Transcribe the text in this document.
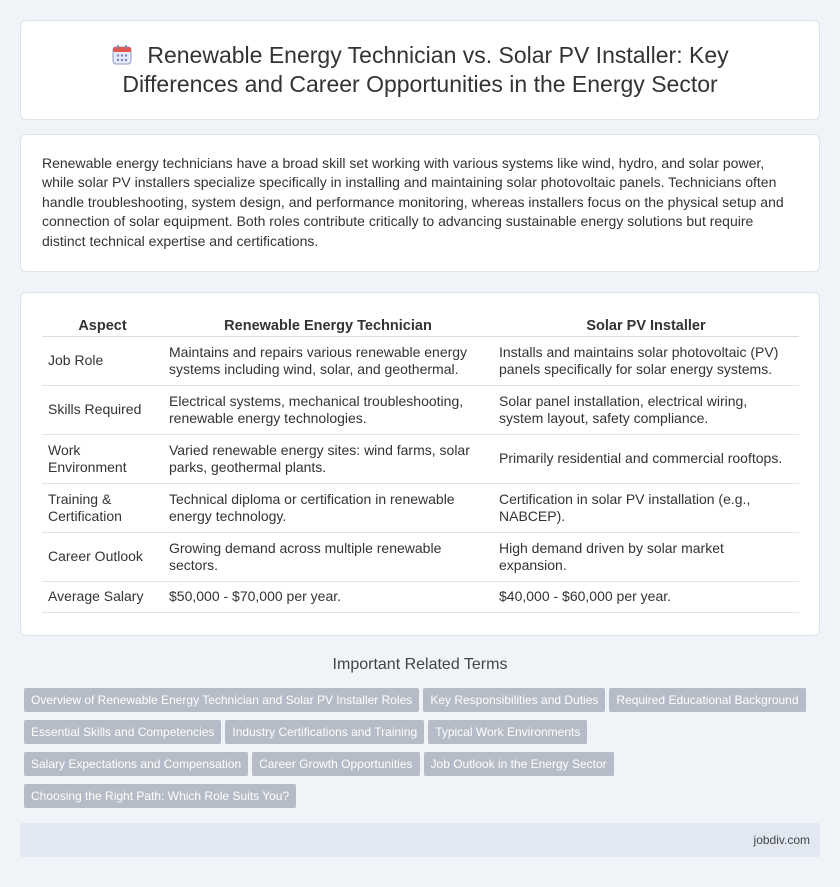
Renewable Energy Technician vs. Solar PV Installer: Key Differences and Career Opportunities in the Energy Sector

Renewable energy technicians have a broad skill set working with various systems like wind, hydro, and solar power, while solar PV installers specialize specifically in installing and maintaining solar photovoltaic panels. Technicians often handle troubleshooting, system design, and performance monitoring, whereas installers focus on the physical setup and connection of solar equipment. Both roles contribute critically to advancing sustainable energy solutions but require distinct technical expertise and certifications.

Aspect	Renewable Energy Technician	Solar PV Installer
Job Role	Maintains and repairs various renewable energy systems including wind, solar, and geothermal.	Installs and maintains solar photovoltaic (PV) panels specifically for solar energy systems.
Skills Required	Electrical systems, mechanical troubleshooting, renewable energy technologies.	Solar panel installation, electrical wiring, system layout, safety compliance.
Work Environment	Varied renewable energy sites: wind farms, solar parks, geothermal plants.	Primarily residential and commercial rooftops.
Training & Certification	Technical diploma or certification in renewable energy technology.	Certification in solar PV installation (e.g., NABCEP).
Career Outlook	Growing demand across multiple renewable sectors.	High demand driven by solar market expansion.
Average Salary	$50,000 - $70,000 per year.	$40,000 - $60,000 per year.
Important Related Terms
Overview of Renewable Energy Technician and Solar PV Installer Roles Key Responsibilities and Duties Required Educational Background
Essential Skills and Competencies Industry Certifications and Training Typical Work Environments
Salary Expectations and Compensation Career Growth Opportunities Job Outlook in the Energy Sector
Choosing the Right Path: Which Role Suits You?
jobdiv.com
